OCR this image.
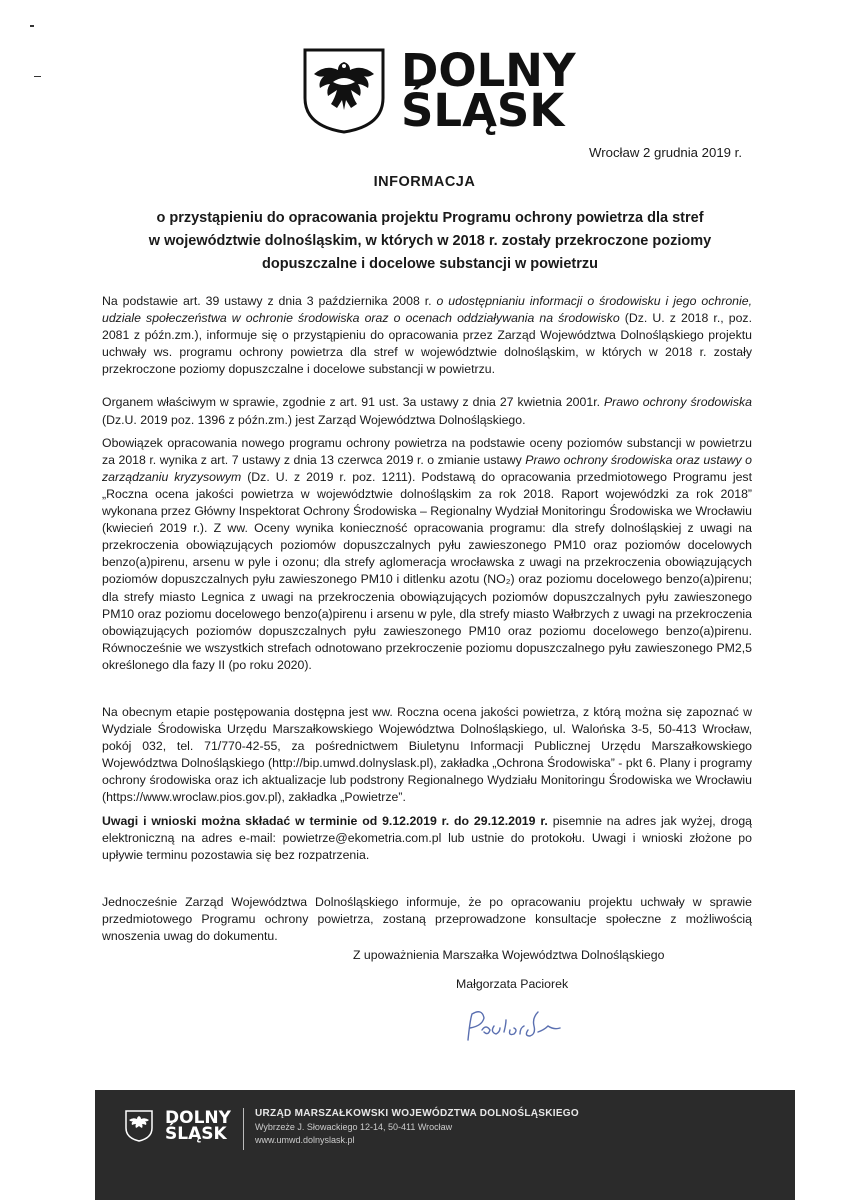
DOLNY
ŚLĄSK
Wrocław 2 grudnia 2019 r.
INFORMACJA
o przystąpieniu do opracowania projektu Programu ochrony powietrza dla stref
w województwie dolnośląskim, w których w 2018 r. zostały przekroczone poziomy
dopuszczalne i docelowe substancji w powietrzu

Na podstawie art. 39 ustawy z dnia 3 października 2008 r. o udostępnianiu informacji o środowisku i jego ochronie, udziale społeczeństwa w ochronie środowiska oraz o ocenach oddziaływania na środowisko (Dz. U. z 2018 r., poz. 2081 z późn.zm.), informuje się o przystąpieniu do opracowania przez Zarząd Województwa Dolnośląskiego projektu uchwały ws. programu ochrony powietrza dla stref w województwie dolnośląskim, w których w 2018 r. zostały przekroczone poziomy dopuszczalne i docelowe substancji w powietrzu.

Organem właściwym w sprawie, zgodnie z art. 91 ust. 3a ustawy z dnia 27 kwietnia 2001r. Prawo ochrony środowiska (Dz.U. 2019 poz. 1396 z późn.zm.) jest Zarząd Województwa Dolnośląskiego.

Obowiązek opracowania nowego programu ochrony powietrza na podstawie oceny poziomów substancji w powietrzu za 2018 r. wynika z art. 7 ustawy z dnia 13 czerwca 2019 r. o zmianie ustawy Prawo ochrony środowiska oraz ustawy o zarządzaniu kryzysowym (Dz. U. z 2019 r. poz. 1211). Podstawą do opracowania przedmiotowego Programu jest „Roczna ocena jakości powietrza w województwie dolnośląskim za rok 2018. Raport wojewódzki za rok 2018” wykonana przez Główny Inspektorat Ochrony Środowiska – Regionalny Wydział Monitoringu Środowiska we Wrocławiu (kwiecień 2019 r.). Z ww. Oceny wynika konieczność opracowania programu: dla strefy dolnośląskiej z uwagi na przekroczenia obowiązujących poziomów dopuszczalnych pyłu zawieszonego PM10 oraz poziomów docelowych benzo(a)pirenu, arsenu w pyle i ozonu; dla strefy aglomeracja wrocławska z uwagi na przekroczenia obowiązujących poziomów dopuszczalnych pyłu zawieszonego PM10 i ditlenku azotu (NO₂) oraz poziomu docelowego benzo(a)pirenu; dla strefy miasto Legnica z uwagi na przekroczenia obowiązujących poziomów dopuszczalnych pyłu zawieszonego PM10 oraz poziomu docelowego benzo(a)pirenu i arsenu w pyle, dla strefy miasto Wałbrzych z uwagi na przekroczenia obowiązujących poziomów dopuszczalnych pyłu zawieszonego PM10 oraz poziomu docelowego benzo(a)pirenu. Równocześnie we wszystkich strefach odnotowano przekroczenie poziomu dopuszczalnego pyłu zawieszonego PM2,5 określonego dla fazy II (po roku 2020).

Na obecnym etapie postępowania dostępna jest ww. Roczna ocena jakości powietrza, z którą można się zapoznać w Wydziale Środowiska Urzędu Marszałkowskiego Województwa Dolnośląskiego, ul. Walońska 3-5, 50-413 Wrocław, pokój 032, tel. 71/770-42-55, za pośrednictwem Biuletynu Informacji Publicznej Urzędu Marszałkowskiego Województwa Dolnośląskiego (http://bip.umwd.dolnyslask.pl), zakładka „Ochrona Środowiska” - pkt 6. Plany i programy ochrony środowiska oraz ich aktualizacje lub podstrony Regionalnego Wydziału Monitoringu Środowiska we Wrocławiu (https://www.wroclaw.pios.gov.pl), zakładka „Powietrze”.

Uwagi i wnioski można składać w terminie od 9.12.2019 r. do 29.12.2019 r. pisemnie na adres jak wyżej, drogą elektroniczną na adres e-mail: powietrze@ekometria.com.pl lub ustnie do protokołu. Uwagi i wnioski złożone po upływie terminu pozostawia się bez rozpatrzenia.

Jednocześnie Zarząd Województwa Dolnośląskiego informuje, że po opracowaniu projektu uchwały w sprawie przedmiotowego Programu ochrony powietrza, zostaną przeprowadzone konsultacje społeczne z możliwością wnoszenia uwag do dokumentu.

Z upoważnienia Marszałka Województwa Dolnośląskiego
Małgorzata Paciorek
DOLNY
ŚLĄSK
URZĄD MARSZAŁKOWSKI WOJEWÓDZTWA DOLNOŚLĄSKIEGO
Wybrzeże J. Słowackiego 12-14, 50-411 Wrocław
www.umwd.dolnyslask.pl
